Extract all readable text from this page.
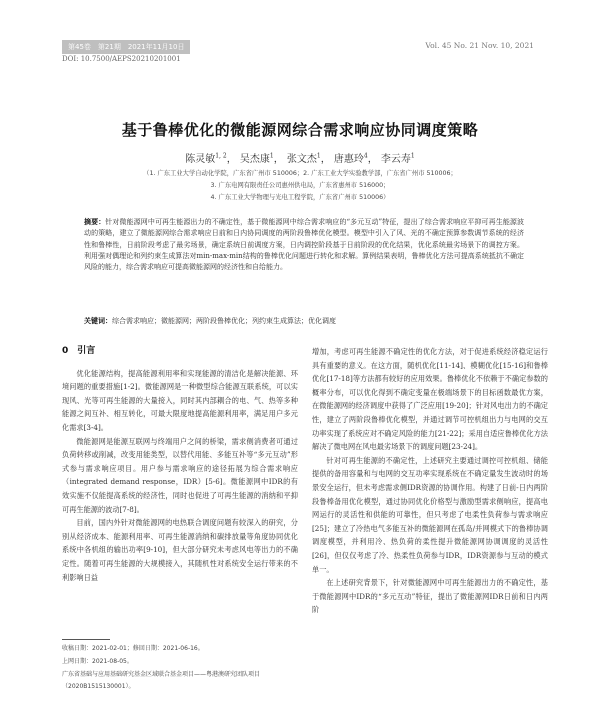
第45卷　第21期　2021年11月10日	Vol. 45 No. 21 Nov. 10, 2021
DOI: 10.7500/AEPS20210201001
基于鲁棒优化的微能源网综合需求响应协同调度策略
陈灵敏$^{1, 2}$， 吴杰康$^1$， 张文杰$^1$， 唐惠玲$^4$， 李云寿$^1$
（1. 广东工业大学自动化学院，广东省广州市 510006；2. 广东工业大学实验教学部，广东省广州市 510006；
3. 广东电网有限责任公司惠州供电局，广东省惠州市 516000；
4. 广东工业大学物理与光电工程学院，广东省广州市 510006）
摘要：针对微能源网中可再生能源出力的不确定性，基于微能源网中综合需求响应的“多元互动”特征，提出了综合需求响应平抑可再生能源波动的策略，建立了微能源网综合需求响应日前和日内协同调度的两阶段鲁棒优化模型。模型中引入了风、光的不确定预算参数调节系统的经济性和鲁棒性，日前阶段考虑了最劣场景，确定系统日前调度方案，日内调控阶段基于日前阶段的优化结果，优化系统最劣场景下的调控方案。利用强对偶理论和列约束生成算法对min-max-min结构的鲁棒优化问题进行转化和求解。算例结果表明，鲁棒优化方法可提高系统抵抗不确定风险的能力，综合需求响应可提高微能源网的经济性和自给能力。
关键词：综合需求响应；微能源网；两阶段鲁棒优化；列约束生成算法；优化调度
0　引言

优化能源结构，提高能源利用率和实现能源的清洁化是解决能源、环境问题的重要措施[1-2]。微能源网是一种微型综合能源互联系统，可以实现风、光等可再生能源的大量接入，同时其内部耦合的电、气、热等多种能源之间互补、相互转化，可最大限度地提高能源利用率，满足用户多元化需求[3-4]。

微能源网是能源互联网与终端用户之间的桥梁，需求侧消费者可通过负荷转移或削减，改变用能类型，以替代用能、多能互补等“多元互动”形式参与需求响应项目。用户参与需求响应的途径拓展为综合需求响应（integrated demand response，IDR）[5-6]。微能源网中IDR的有效实施不仅能提高系统的经济性，同时也促进了可再生能源的消纳和平抑可再生能源的波动[7-8]。

目前，国内外针对微能源网的电热联合调度问题有较深入的研究，分别从经济成本、能源利用率、可再生能源消纳和碳排放量等角度协同优化系统中各机组的输出功率[9-10]，但大部分研究未考虑风电等出力的不确定性。随着可再生能源的大规模接入，其随机性对系统安全运行带来的不利影响日益

增加，考虑可再生能源不确定性的优化方法，对于促进系统经济稳定运行具有重要的意义。在这方面，随机优化[11-14]、模糊优化[15-16]和鲁棒优化[17-18]等方法都有较好的应用效果。鲁棒优化不依赖于不确定参数的概率分布，可以优化得到不确定变量在极端场景下的目标函数最优方案，在微能源网的经济调度中获得了广泛应用[19-20]；针对风电出力的不确定性，建立了两阶段鲁棒优化模型，并通过调节可控机组出力与电网的交互功率实现了系统应对不确定风险的能力[21-22]；采用自适应鲁棒优化方法解决了微电网在风电最劣场景下的调度问题[23-24]。

针对可再生能源的不确定性，上述研究主要通过调控可控机组、储能提供的备用容量和与电网的交互功率实现系统在不确定量发生波动时的场景安全运行，但未考虑需求侧IDR资源的协调作用。构建了日前-日内两阶段鲁棒备用优化模型，通过协同优化价格型与激励型需求侧响应，提高电网运行的灵活性和供能的可靠性，但只考虑了电柔性负荷参与需求响应[25]；建立了冷热电气多能互补的微能源网在孤岛/并网模式下的鲁棒协调调度模型，并利用冷、热负荷的柔性提升微能源网协调调度的灵活性[26]，但仅仅考虑了冷、热柔性负荷参与IDR，IDR资源参与互动的模式单一。

在上述研究背景下，针对微能源网中可再生能源出力的不确定性，基于微能源网中IDR的“多元互动”特征，提出了微能源网IDR日前和日内两阶

收稿日期：2021-02-01；修回日期：2021-06-16。
上网日期：2021-08-05。
广东省基础与应用基础研究基金区域联合基金项目——粤港澳研究团队项目（2020B1515130001）。
